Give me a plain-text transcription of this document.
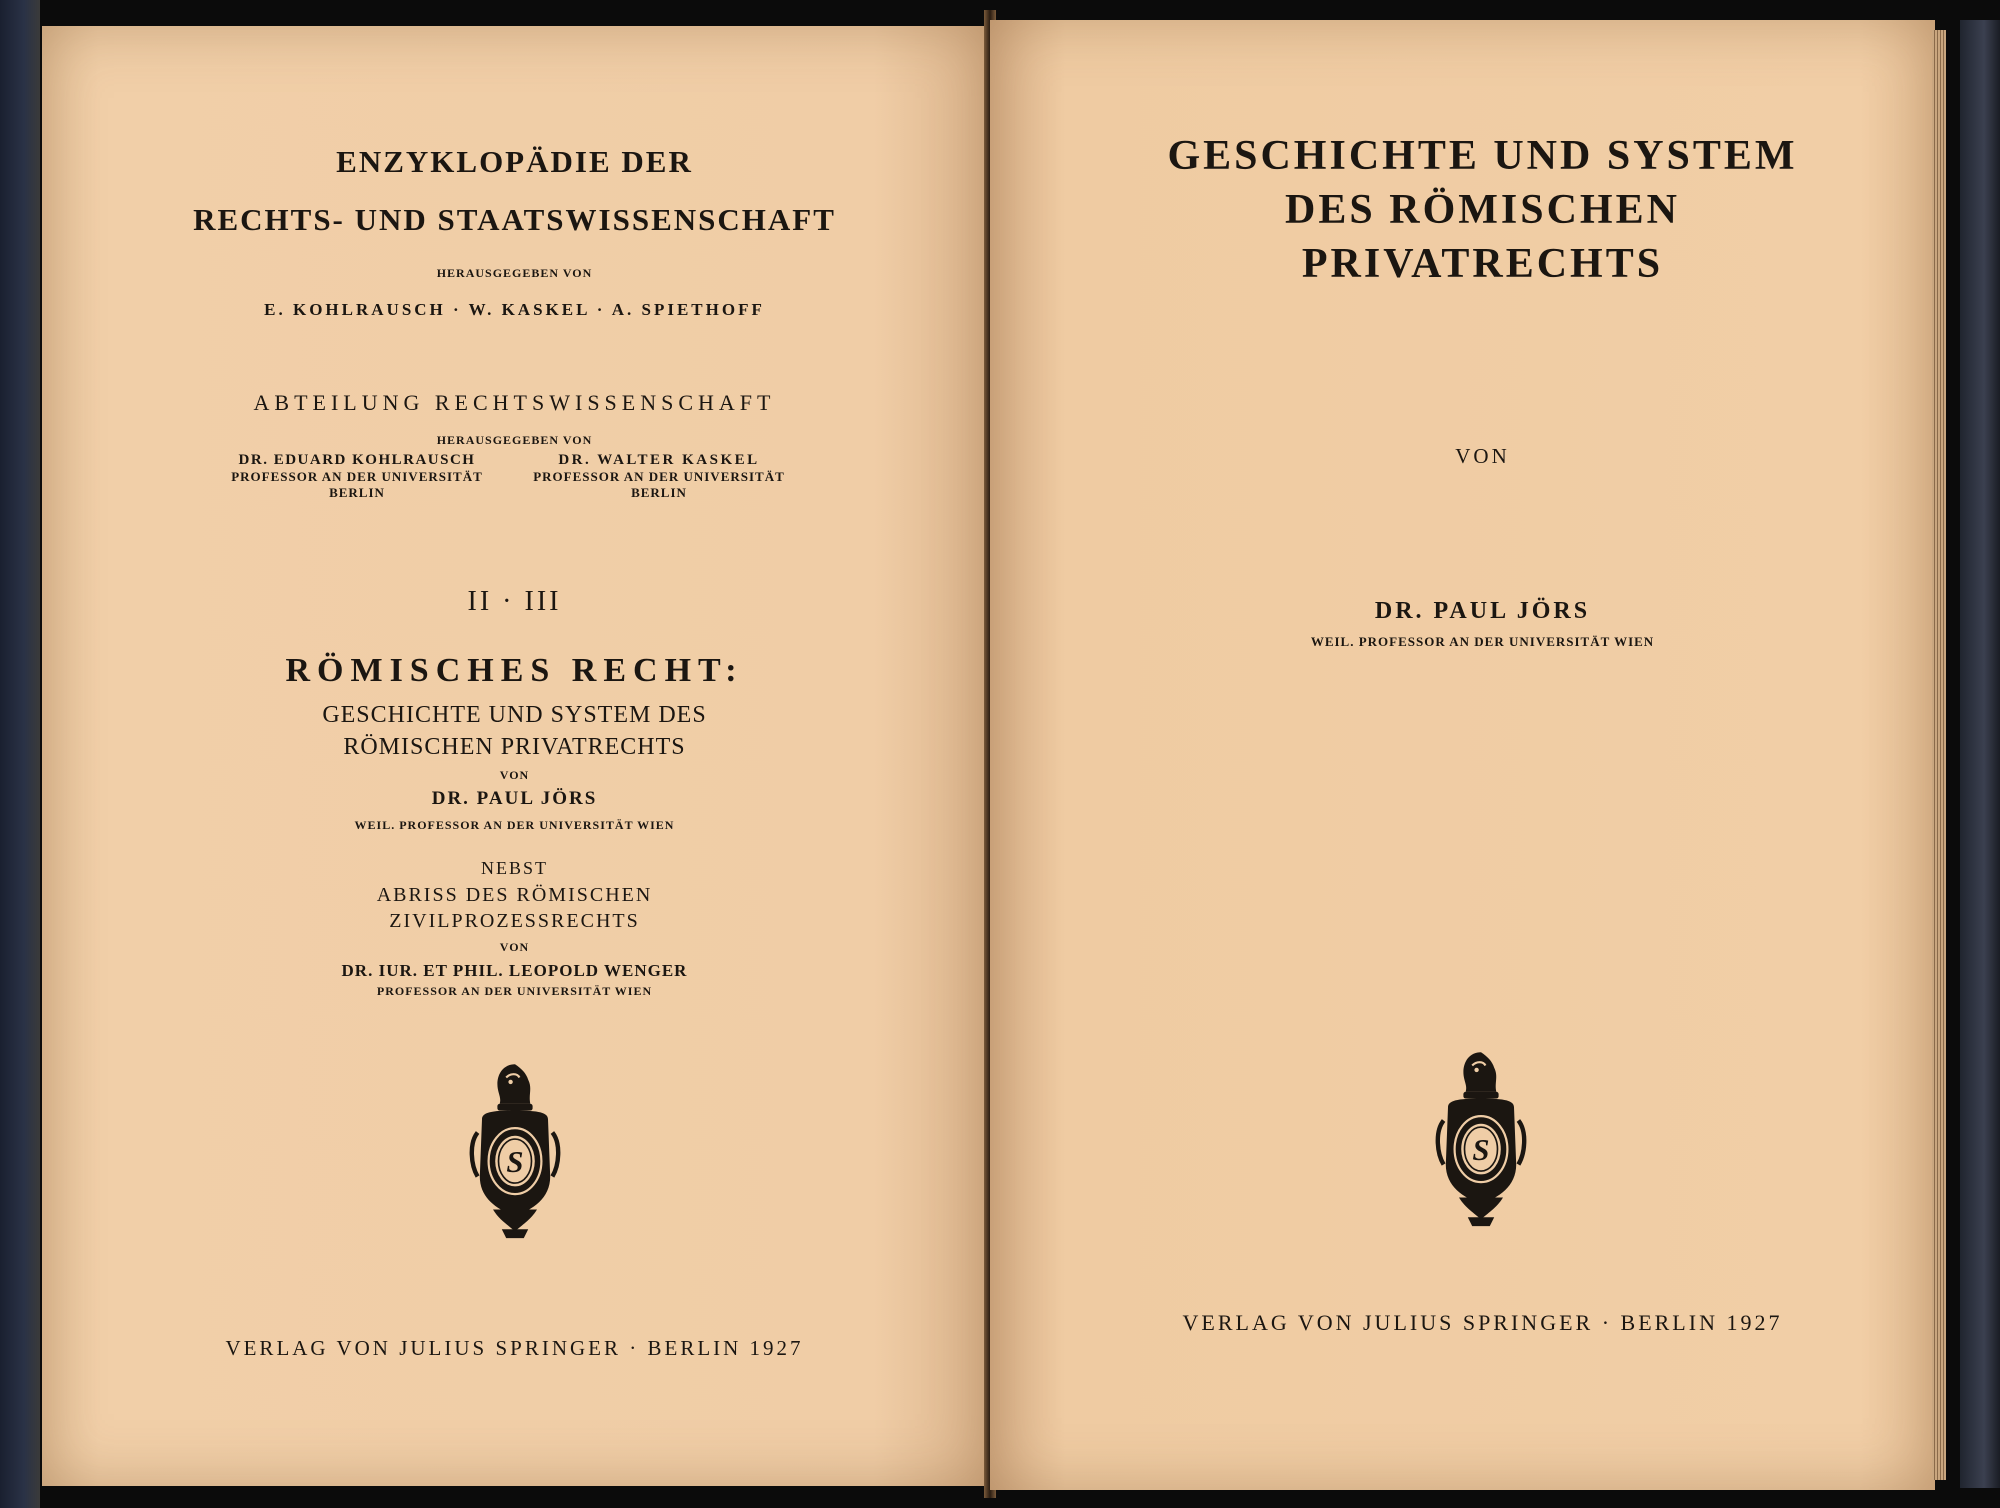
ENZYKLOPÄDIE DER
RECHTS- UND STAATSWISSENSCHAFT
HERAUSGEGEBEN VON
E. KOHLRAUSCH · W. KASKEL · A. SPIETHOFF
ABTEILUNG RECHTSWISSENSCHAFT
HERAUSGEGEBEN VON
DR. EDUARD KOHLRAUSCH
PROFESSOR AN DER UNIVERSITÄT
BERLIN
DR. WALTER KASKEL
PROFESSOR AN DER UNIVERSITÄT
BERLIN
II · III
RÖMISCHES RECHT:
GESCHICHTE UND SYSTEM DES
RÖMISCHEN PRIVATRECHTS
VON
DR. PAUL JÖRS
WEIL. PROFESSOR AN DER UNIVERSITÄT WIEN
NEBST
ABRISS DES RÖMISCHEN
ZIVILPROZESSRECHTS
VON
DR. IUR. ET PHIL. LEOPOLD WENGER
PROFESSOR AN DER UNIVERSITÄT WIEN
VERLAG VON JULIUS SPRINGER · BERLIN 1927
GESCHICHTE UND SYSTEM
DES RÖMISCHEN
PRIVATRECHTS
VON
DR. PAUL JÖRS
WEIL. PROFESSOR AN DER UNIVERSITÄT WIEN
VERLAG VON JULIUS SPRINGER · BERLIN 1927
